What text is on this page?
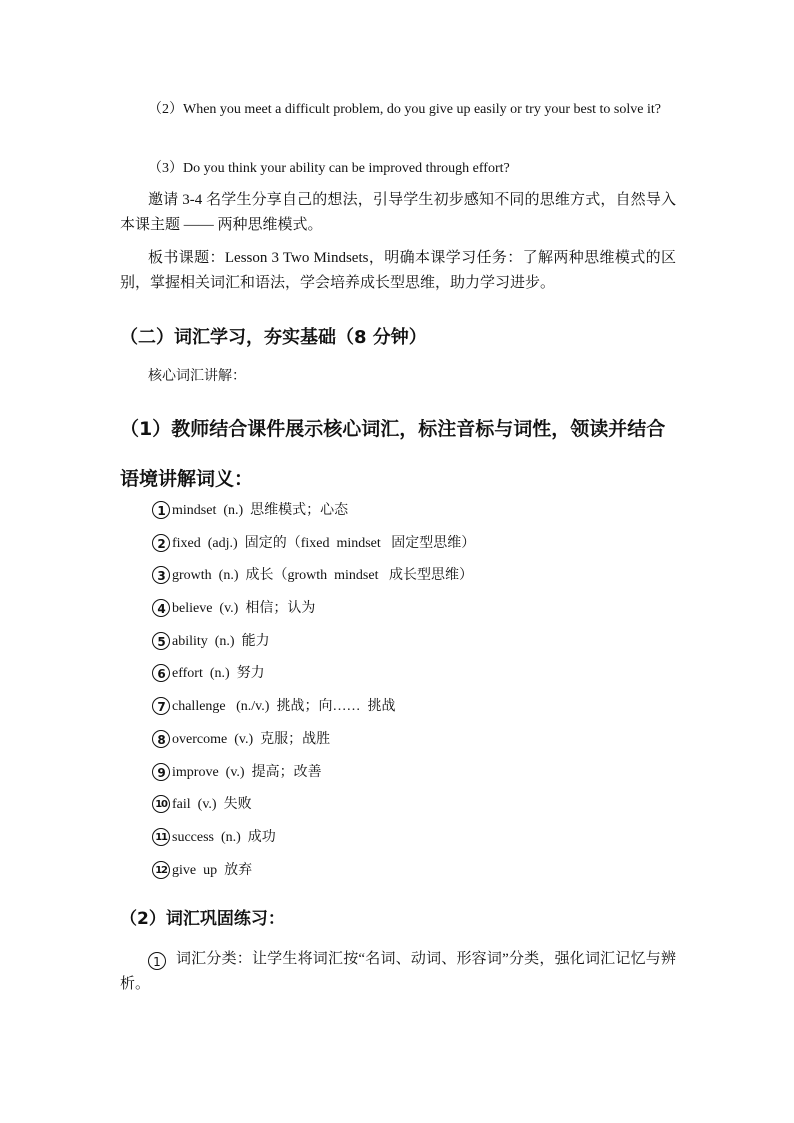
（2）When you meet a difficult problem, do you give up easily or try your best to solve it?
（3）Do you think your ability can be improved through effort?
邀请 3-4 名学生分享自己的想法，引导学生初步感知不同的思维方式，自然导入本课主题 —— 两种思维模式。
板书课题：Lesson 3 Two Mindsets，明确本课学习任务：了解两种思维模式的区别，掌握相关词汇和语法，学会培养成长型思维，助力学习进步。
（二）词汇学习，夯实基础（8 分钟）
核心词汇讲解：
（1）教师结合课件展示核心词汇，标注音标与词性，领读并结合语境讲解词义：
1 mindset  (n.)  思维模式；心态
2 fixed  (adj.)  固定的（fixed  mindset   固定型思维）
3 growth  (n.)  成长（growth  mindset   成长型思维）
4 believe  (v.)  相信；认为
5 ability  (n.)  能力
6 effort  (n.)  努力
7 challenge   (n./v.)  挑战；向……  挑战
8 overcome  (v.)  克服；战胜
9 improve  (v.)  提高；改善
10 fail  (v.)  失败
11 success  (n.)  成功
12 give  up  放弃
（2）词汇巩固练习：
1 词汇分类：让学生将词汇按“名词、动词、形容词”分类，强化词汇记忆与辨析。
